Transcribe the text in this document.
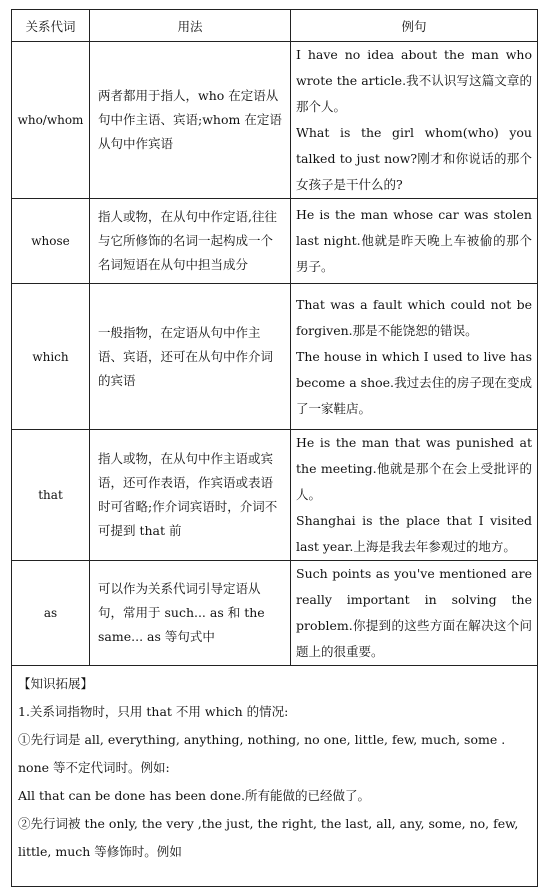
关系代词	用法	例句
who/whom	两者都用于指人，who 在定语从句中作主语、宾语;whom 在定语从句中作宾语	I have no idea about the man who wrote the article.我不认识写这篇文章的那个人。

What is the girl whom(who) you talked to just now?刚才和你说话的那个女孩子是干什么的?

whose	指人或物，在从句中作定语,往往与它所修饰的名词一起构成一个名词短语在从句中担当成分	He is the man whose car was stolen last night.他就是昨天晚上车被偷的那个男子。

which	一般指物，在定语从句中作主语、宾语，还可在从句中作介词的宾语	That was a fault which could not be forgiven.那是不能饶恕的错误。

The house in which I used to live has become a shoe.我过去住的房子现在变成了一家鞋店。

that	指人或物，在从句中作主语或宾语，还可作表语，作宾语或表语时可省略;作介词宾语时，介词不可提到 that 前	He is the man that was punished at the meeting.他就是那个在会上受批评的人。

Shanghai is the place that I visited last year.上海是我去年参观过的地方。

as	可以作为关系代词引导定语从句，常用于 such... as 和 the same... as 等句式中	Such points as you've mentioned are really important in solving the problem.你提到的这些方面在解决这个问题上的很重要。

【知识拓展】

1.关系词指物时，只用 that 不用 which 的情况:

①先行词是 all, everything, anything, nothing, no one, little, few, much, some . none 等不定代词时。例如:

All that can be done has been done.所有能做的已经做了。

②先行词被 the only, the very ,the just, the right, the last, all, any, some, no, few, little, much 等修饰时。例如		
